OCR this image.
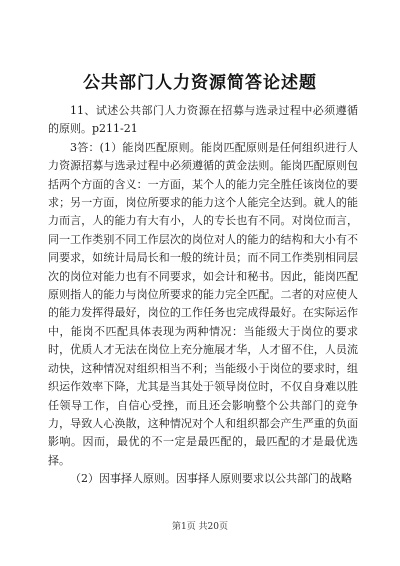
公共部门人力资源简答论述题

11、试述公共部门人力资源在招募与选录过程中必须遵循的原则。p211-21

3答：(1）能岗匹配原则。能岗匹配原则是任何组织进行人力资源招募与选录过程中必须遵循的黄金法则。能岗匹配原则包括两个方面的含义：一方面，某个人的能力完全胜任该岗位的要求；另一方面，岗位所要求的能力这个人能完全达到。就人的能力而言，人的能力有大有小，人的专长也有不同。对岗位而言，同一工作类别不同工作层次的岗位对人的能力的结构和大小有不同要求，如统计局局长和一般的统计员；而不同工作类别相同层次的岗位对能力也有不同要求，如会计和秘书。因此，能岗匹配原则指人的能力与岗位所要求的能力完全匹配。二者的对应使人的能力发挥得最好，岗位的工作任务也完成得最好。在实际运作中，能岗不匹配具体表现为两种情况：当能级大于岗位的要求时，优质人才无法在岗位上充分施展才华，人才留不住，人员流动快，这种情况对组织相当不利；当能级小于岗位的要求时，组织运作效率下降，尤其是当其处于领导岗位时，不仅自身难以胜任领导工作，自信心受挫，而且还会影响整个公共部门的竞争力，导致人心涣散，这种情况对个人和组织都会产生严重的负面影响。因而，最优的不一定是最匹配的，最匹配的才是最优选择。

（2）因事择人原则。因事择人原则要求以公共部门的战略

第1页 共20页
